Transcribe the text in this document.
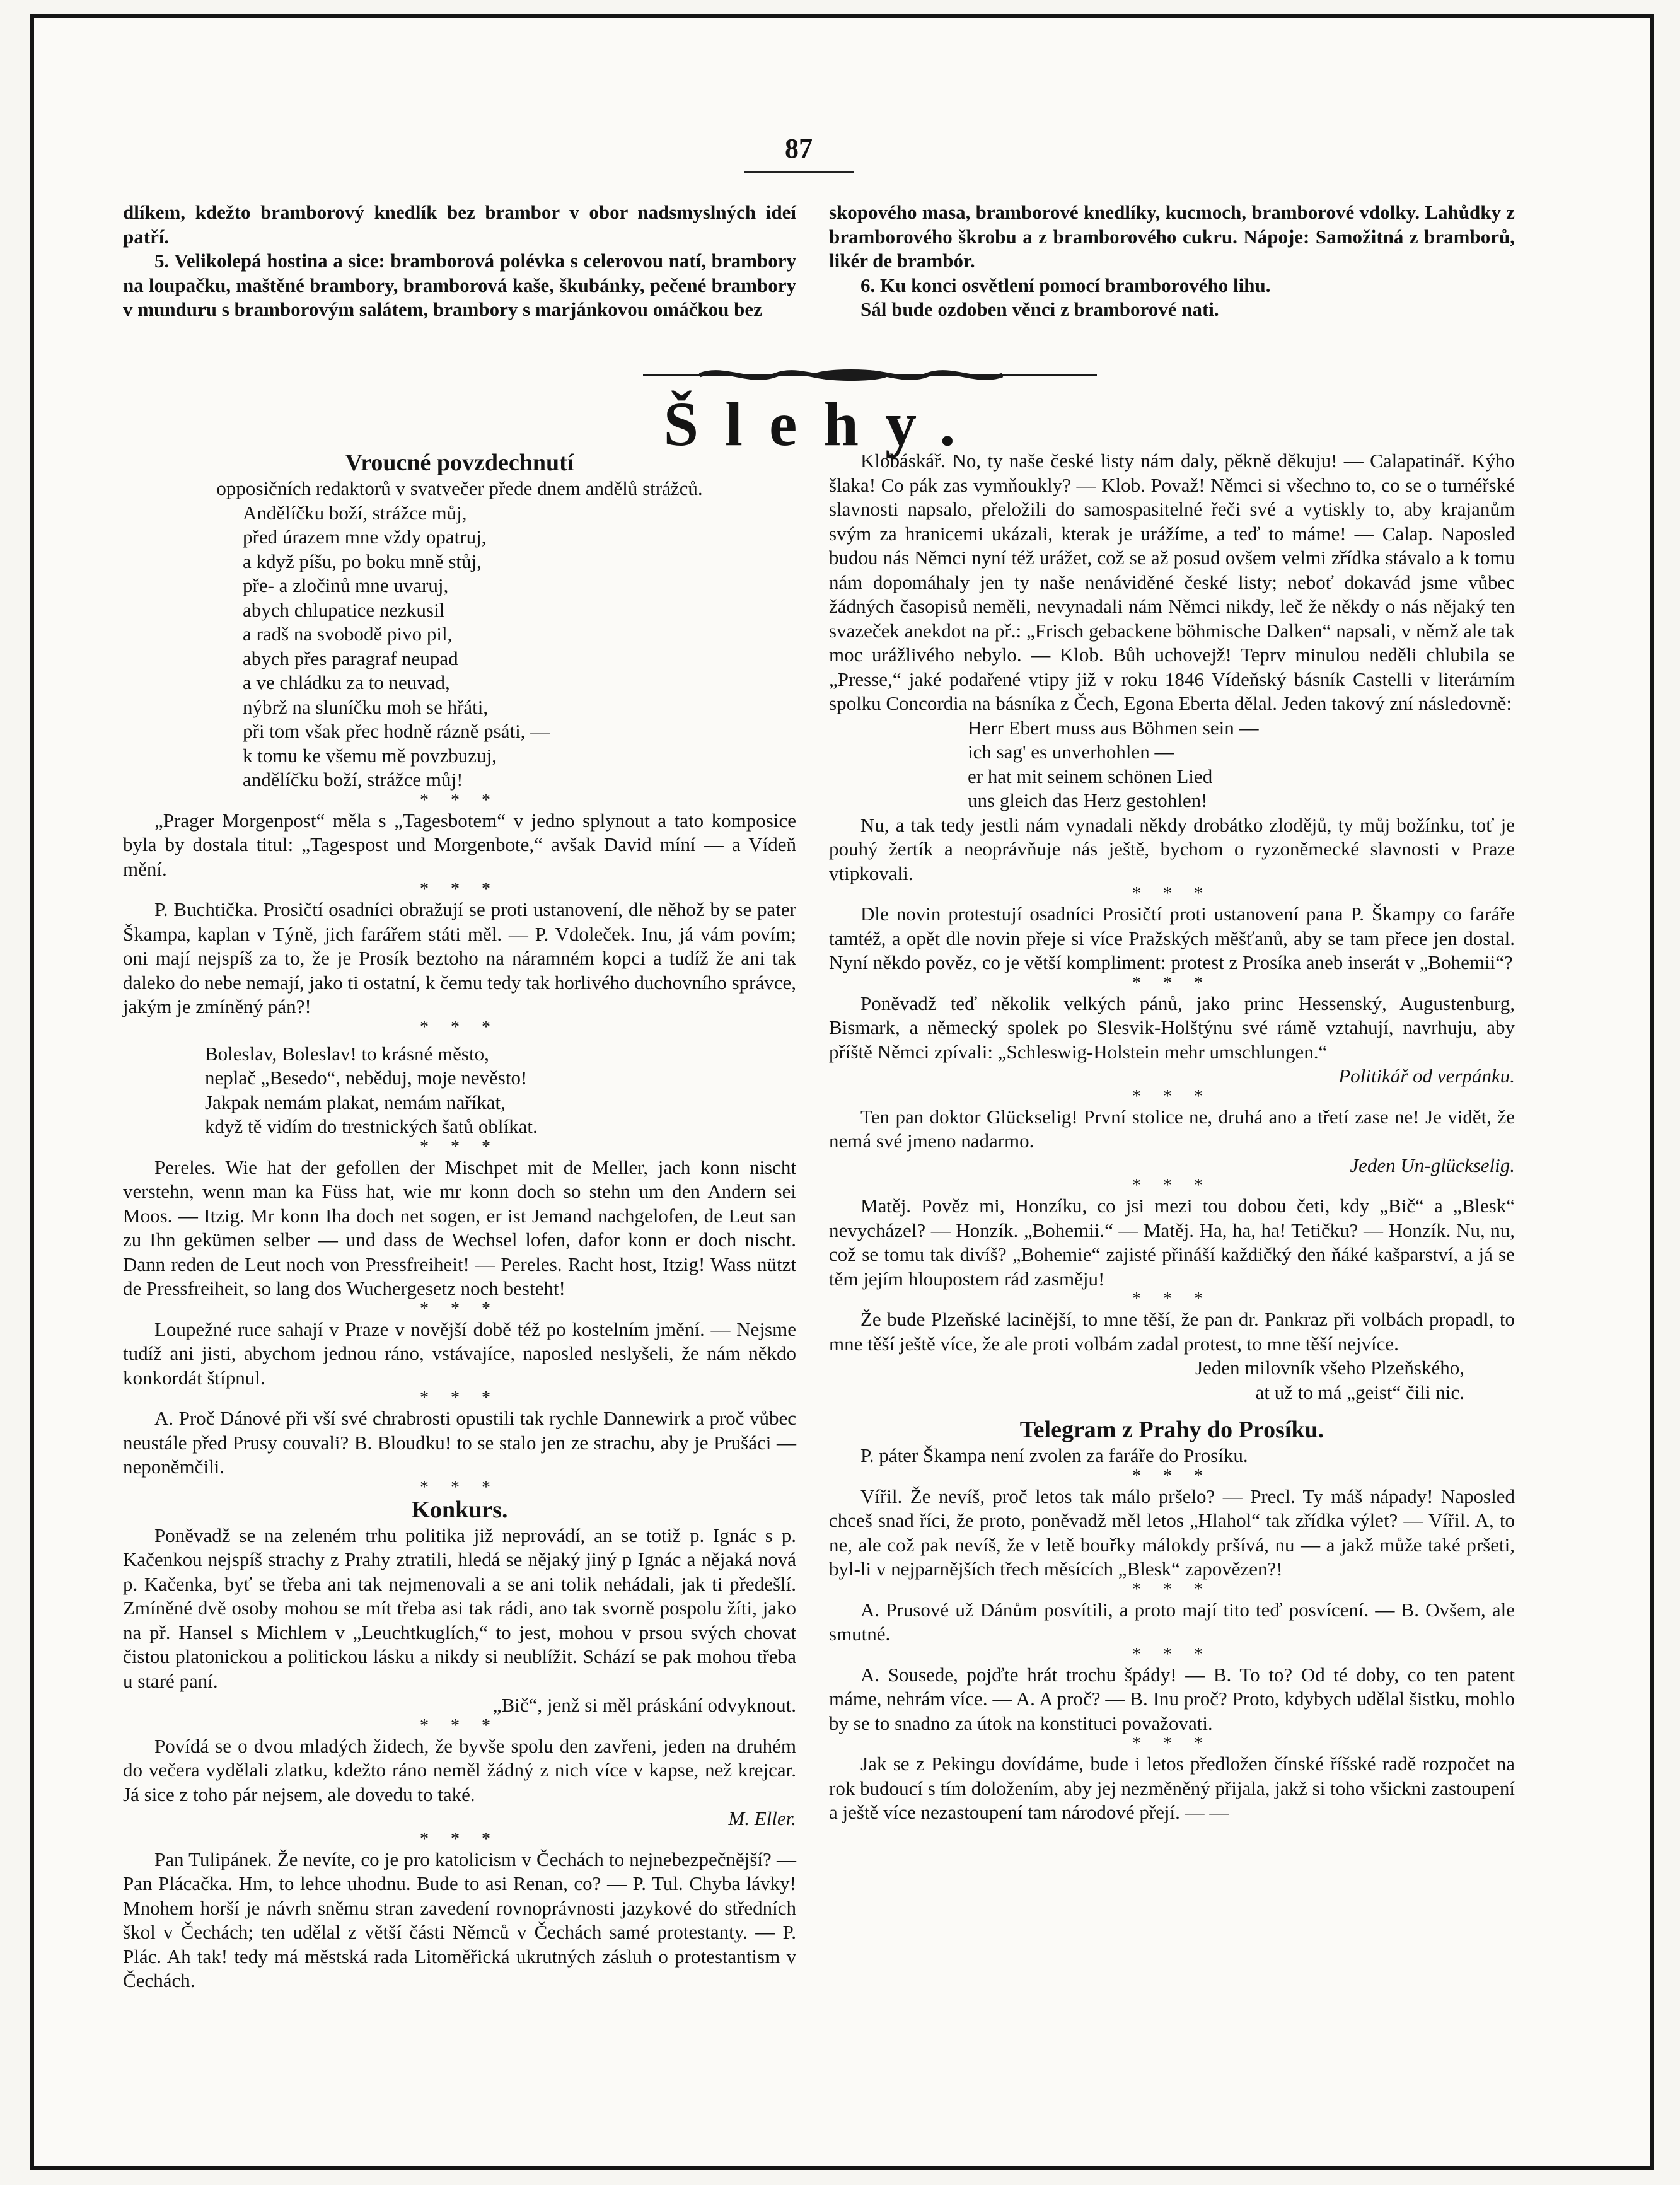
87

dlíkem, kdežto bramborový knedlík bez brambor v obor nadsmyslných ideí patří.

5. Velikolepá hostina a sice: bramborová polévka s celerovou natí, brambory na loupačku, maštěné brambory, bramborová kaše, škubánky, pečené brambory v munduru s bramborovým salátem, brambory s marjánkovou omáčkou bez

skopového masa, bramborové knedlíky, kucmoch, bramborové vdolky. Lahůdky z bramborového škrobu a z bramborového cukru. Nápoje: Samožitná z bramborů, likér de brambór.

6. Ku konci osvětlení pomocí bramborového lihu.

Sál bude ozdoben věnci z bramborové nati.

Šlehy.
Vroucné povzdechnutí

opposičních redaktorů v svatvečer přede dnem andělů strážců.

Andělíčku boží, strážce můj,

před úrazem mne vždy opatruj,

a když píšu, po boku mně stůj,

pře- a zločinů mne uvaruj,

abych chlupatice nezkusil

a radš na svobodě pivo pil,

abych přes paragraf neupad

a ve chládku za to neuvad,

nýbrž na sluníčku moh se hřáti,

při tom však přec hodně rázně psáti, —

k tomu ke všemu mě povzbuzuj,

andělíčku boží, strážce můj!

* * *

„Prager Morgenpost“ měla s „Tagesbotem“ v jedno splynout a tato komposice byla by dostala titul: „Tagespost und Morgenbote,“ avšak David míní — a Vídeň mění.

* * *

P. Buchtička. Prosičtí osadníci obražují se proti ustanovení, dle něhož by se pater Škampa, kaplan v Týně, jich farářem státi měl. — P. Vdoleček. Inu, já vám povím; oni mají nejspíš za to, že je Prosík beztoho na náramném kopci a tudíž že ani tak daleko do nebe nemají, jako ti ostatní, k čemu tedy tak horlivého duchovního správce, jakým je zmíněný pán?!

* * *

Boleslav, Boleslav! to krásné město,

neplač „Besedo“, neběduj, moje nevěsto!

Jakpak nemám plakat, nemám naříkat,

když tě vidím do trestnických šatů oblíkat.

* * *

Pereles. Wie hat der gefollen der Mischpet mit de Meller, jach konn nischt verstehn, wenn man ka Füss hat, wie mr konn doch so stehn um den Andern sei Moos. — Itzig. Mr konn Iha doch net sogen, er ist Jemand nachgelofen, de Leut san zu Ihn gekümen selber — und dass de Wechsel lofen, dafor konn er doch nischt. Dann reden de Leut noch von Pressfreiheit! — Pereles. Racht host, Itzig! Wass nützt de Pressfreiheit, so lang dos Wuchergesetz noch besteht!

* * *

Loupežné ruce sahají v Praze v novější době též po kostelním jmění. — Nejsme tudíž ani jisti, abychom jednou ráno, vstávajíce, naposled neslyšeli, že nám někdo konkordát štípnul.

* * *

A. Proč Dánové při vší své chrabrosti opustili tak rychle Dannewirk a proč vůbec neustále před Prusy couvali? B. Bloudku! to se stalo jen ze strachu, aby je Prušáci — neponěmčili.

* * *
Konkurs.

Poněvadž se na zeleném trhu politika již neprovádí, an se totiž p. Ignác s p. Kačenkou nejspíš strachy z Prahy ztratili, hledá se nějaký jiný p Ignác a nějaká nová p. Kačenka, byť se třeba ani tak nejmenovali a se ani tolik nehádali, jak ti předešlí. Zmíněné dvě osoby mohou se mít třeba asi tak rádi, ano tak svorně pospolu žíti, jako na př. Hansel s Michlem v „Leuchtkuglích,“ to jest, mohou v prsou svých chovat čistou platonickou a politickou lásku a nikdy si neublížit. Schází se pak mohou třeba u staré paní.

„Bič“, jenž si měl práskání odvyknout.

* * *

Povídá se o dvou mladých židech, že byvše spolu den zavřeni, jeden na druhém do večera vydělali zlatku, kdežto ráno neměl žádný z nich více v kapse, než krejcar. Já sice z toho pár nejsem, ale dovedu to také.

M. Eller.

* * *

Pan Tulipánek. Že nevíte, co je pro katolicism v Čechách to nejnebezpečnější? — Pan Plácačka. Hm, to lehce uhodnu. Bude to asi Renan, co? — P. Tul. Chyba lávky! Mnohem horší je návrh sněmu stran zavedení rovnoprávnosti jazykové do středních škol v Čechách; ten udělal z větší části Němců v Čechách samé protestanty. — P. Plác. Ah tak! tedy má městská rada Litoměřická ukrutných zásluh o protestantism v Čechách.

Klobáskář. No, ty naše české listy nám daly, pěkně děkuju! — Calapatinář. Kýho šlaka! Co pák zas vymňoukly? — Klob. Považ! Němci si všechno to, co se o turnéřské slavnosti napsalo, přeložili do samospasitelné řeči své a vytiskly to, aby krajanům svým za hranicemi ukázali, kterak je urážíme, a teď to máme! — Calap. Naposled budou nás Němci nyní též urážet, což se až posud ovšem velmi zřídka stávalo a k tomu nám dopomáhaly jen ty naše nenáviděné české listy; neboť dokavád jsme vůbec žádných časopisů neměli, nevynadali nám Němci nikdy, leč že někdy o nás nějaký ten svazeček anekdot na př.: „Frisch gebackene böhmische Dalken“ napsali, v němž ale tak moc urážlivého nebylo. — Klob. Bůh uchovejž! Teprv minulou neděli chlubila se „Presse,“ jaké podařené vtipy již v roku 1846 Vídeňský básník Castelli v literárním spolku Concordia na básníka z Čech, Egona Eberta dělal. Jeden takový zní následovně:

Herr Ebert muss aus Böhmen sein —

ich sag' es unverhohlen —

er hat mit seinem schönen Lied

uns gleich das Herz gestohlen!

Nu, a tak tedy jestli nám vynadali někdy drobátko zlodějů, ty můj božínku, toť je pouhý žertík a neoprávňuje nás ještě, bychom o ryzoněmecké slavnosti v Praze vtipkovali.

* * *

Dle novin protestují osadníci Prosičtí proti ustanovení pana P. Škampy co faráře tamtéž, a opět dle novin přeje si více Pražských měšťanů, aby se tam přece jen dostal. Nyní někdo pověz, co je větší kompliment: protest z Prosíka aneb inserát v „Bohemii“?

* * *

Poněvadž teď několik velkých pánů, jako princ Hessenský, Augustenburg, Bismark, a německý spolek po Slesvik-Holštýnu své rámě vztahují, navrhuju, aby příště Němci zpívali: „Schleswig-Holstein mehr umschlungen.“

Politikář od verpánku.

* * *

Ten pan doktor Glückselig! První stolice ne, druhá ano a třetí zase ne! Je vidět, že nemá své jmeno nadarmo.

Jeden Un-glückselig.

* * *

Matěj. Pověz mi, Honzíku, co jsi mezi tou dobou četi, kdy „Bič“ a „Blesk“ nevycházel? — Honzík. „Bohemii.“ — Matěj. Ha, ha, ha! Tetičku? — Honzík. Nu, nu, což se tomu tak divíš? „Bohemie“ zajisté přináší každičký den ňáké kašparství, a já se těm jejím hloupostem rád zasměju!

* * *

Že bude Plzeňské lacinější, to mne těší, že pan dr. Pankraz při volbách propadl, to mne těší ještě více, že ale proti volbám zadal protest, to mne těší nejvíce.

Jeden milovník všeho Plzeňského,

at už to má „geist“ čili nic.

Telegram z Prahy do Prosíku.

P. páter Škampa není zvolen za faráře do Prosíku.

* * *

Vířil. Že nevíš, proč letos tak málo pršelo? — Precl. Ty máš nápady! Naposled chceš snad říci, že proto, poněvadž měl letos „Hlahol“ tak zřídka výlet? — Vířil. A, to ne, ale což pak nevíš, že v letě bouřky málokdy pršívá, nu — a jakž může také pršeti, byl-li v nejparnějších třech měsících „Blesk“ zapovězen?!

* * *

A. Prusové už Dánům posvítili, a proto mají tito teď posvícení. — B. Ovšem, ale smutné.

* * *

A. Sousede, pojďte hrát trochu špády! — B. To to? Od té doby, co ten patent máme, nehrám více. — A. A proč? — B. Inu proč? Proto, kdybych udělal šistku, mohlo by se to snadno za útok na konstituci považovati.

* * *

Jak se z Pekingu dovídáme, bude i letos předložen čínské říšské radě rozpočet na rok budoucí s tím doložením, aby jej nezměněný přijala, jakž si toho všickni zastoupení a ještě více nezastoupení tam národové přejí. — —
